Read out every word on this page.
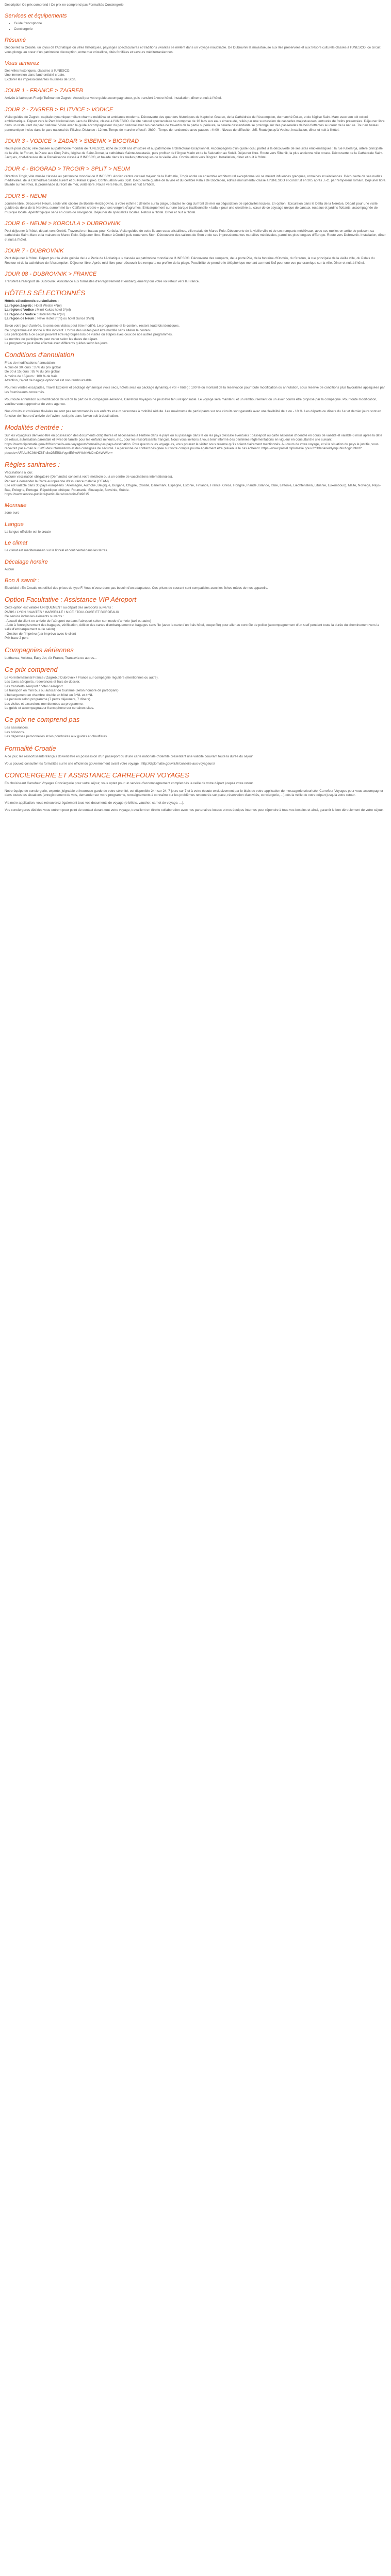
Description Ce prix comprend / Ce prix ne comprend pas Formalités Conciergerie
Services et équipements
• Guide francophone
• Conciergerie
Résumé
Découvrez la Croatie, un joyau de l'Adriatique où villes historiques, paysages spectaculaires et traditions vivantes se mêlent dans un voyage inoubliable. De Dubrovnik la majestueuse aux îles préservées et aux trésors culturels classés à l'UNESCO, ce circuit vous plonge au cœur d'un patrimoine d'exception, entre mer cristalline, cités fortifiées et saveurs méditerranéennes.
Vous aimerez
Des villes historiques, classées à l'UNESCO.
Une immersion dans l'authenticité croate.
Explorer les impressionnantes murailles de Ston.
JOUR 1 - FRANCE > ZAGREB
Arrivée à l'aéroport Franjo Tuđman de Zagreb. Accueil par votre guide accompagnateur, puis transfert à votre hôtel. Installation, dîner et nuit à l'hôtel.
JOUR 2 - ZAGREB > PLITVICE > VODICE
Visite guidée de Zagreb, capitale dynamique mêlant charme médiéval et ambiance moderne. Découverte des quartiers historiques de Kaptol et Gradec, de la Cathédrale de l'Assomption, du marché Dolac, et de l'église Saint-Marc avec son toit coloré emblématique. Départ vers le Parc National des Lacs de Plitvice, classé à l'UNESCO. Ce site naturel spectaculaire se compose de 16 lacs aux eaux émeraude, reliés par une succession de cascades majestueuses, entourés de forêts préservées. Déjeuner libre dans un restaurant du parc national. Visite avec le guide accompagnateur du parc national avec les cascades de travertin de la partie supérieure, la balade descendante se prolonge sur des passerelles de bois flottantes au cœur de la nature. Tour en bateau panoramique inclus dans le parc national de Plitvice. Distance : 12 km. Temps de marche effectif : 3h00 - Temps de randonnée avec pauses : 4h00 - Niveau de difficulté : 2/5. Route jusqu'à Vodice, installation, dîner et nuit à l'hôtel.
JOUR 3 - VODICE > ZADAR > SIBENIK > BIOGRAD
Route pour Zadar, ville classée au patrimoine mondial de l'UNESCO, riche de 3000 ans d'histoire et au patrimoine architectural exceptionnel. Accompagnés d'un guide local, partez à la découverte de ses sites emblématiques : la rue Kalelarga, artère principale de la ville, le Forum, la Place aux Cinq Puits, l'église de Saint-Donat, la cathédrale Sainte-Anastasie, puis profitez de l'Orgue Marin et de la Salutation au Soleil. Déjeuner libre. Route vers Šibenik, la plus ancienne ville croate. Découverte de la Cathédrale Saint-Jacques, chef-d'œuvre de la Renaissance classé à l'UNESCO, et balade dans les ruelles pittoresques de la vieille ville. Continuation vers Biograd. Installation, dîner et nuit à l'hôtel.
JOUR 4 - BIOGRAD > TROGIR > SPLIT > NEUM
Direction Trogir, ville musée classée au patrimoine mondial de l'UNESCO. Ancien centre culturel majeur de la Dalmatie, Trogir abrite un ensemble architectural exceptionnel où se mêlent influences grecques, romaines et vénitiennes. Découverte de ses ruelles médiévales, de la Cathédrale Saint-Laurent et du Palais Cipiko. Continuation vers Split. Découverte guidée de la ville et du célèbre Palais de Dioclétien, édifice monumental classé à l'UNESCO et construit en 305 après J.-C. par l'empereur romain. Déjeuner libre. Balade sur les Riva, la promenade du front de mer, visite libre. Route vers Neum. Dîner et nuit à l'hôtel.
JOUR 5 - NEUM
Journée libre. Découvrez Neum, seule ville côtière de Bosnie-Herzégovine, à votre rythme : détente sur la plage, balades le long du front de mer ou dégustation de spécialités locales. En option : Excursion dans le Delta de la Neretva. Départ pour une visite guidée du delta de la Neretva, surnommé la « Californie croate » pour ses vergers d'agrumes. Embarquement sur une barque traditionnelle « lađa » pour une croisière au cœur de ce paysage unique de canaux, roseaux et jardins flottants, accompagnée de musique locale. Apéritif typique servi en cours de navigation. Déjeuner de spécialités locales. Retour à l'hôtel. Dîner et nuit à l'hôtel.
JOUR 6 - NEUM > KORCULA > DUBROVNIK
Petit déjeuner à l'hôtel, départ vers Orebić. Traversée en bateau pour Korčula. Visite guidée de cette île aux eaux cristallines, ville natale de Marco Polo. Découverte de la vieille ville et de ses remparts médiévaux, avec ses ruelles en arête de poisson, sa cathédrale Saint-Marc et la maison de Marco Polo. Déjeuner libre. Retour à Orebić puis route vers Ston. Découverte des salines de Ston et de ses impressionnantes murailles médiévales, parmi les plus longues d'Europe. Route vers Dubrovnik. Installation, dîner et nuit à l'hôtel.
JOUR 7 - DUBROVNIK
Petit déjeuner à l'hôtel. Départ pour la visite guidée de la « Perle de l'Adriatique » classée au patrimoine mondial de l'UNESCO. Découverte des remparts, de la porte Pile, de la fontaine d'Onofrio, du Stradun, la rue principale de la vieille ville, du Palais du Recteur et de la cathédrale de l'Assomption. Déjeuner libre. Après-midi libre pour découvrir les remparts ou profiter de la plage. Possibilité de prendre le téléphérique menant au mont Srđ pour une vue panoramique sur la ville. Dîner et nuit à l'hôtel.
JOUR 08 - DUBROVNIK > FRANCE
Transfert à l'aéroport de Dubrovnik. Assistance aux formalités d'enregistrement et embarquement pour votre vol retour vers la France.
HÔTELS SÉLECTIONNÉS
Hôtels sélectionnés ou similaires :
La région Zagreb : Hotel Westin 4*(nl)
La région d'Vodice : Mirni Kukac hotel 3*(nl)
La région de Vodice : Hotel Punta 4*(nl)
La région de Neum : Neve Hotel 3*(nl) ou hotel Sunce 3*(nl)
Selon votre jour d'arrivée, le sens des visites peut être modifié. Le programme et le contenu restent toutefois identiques.
Ce programme est donné à titre indicatif. L'ordre des visites peut être modifié sans altérer le contenu.
Les participants à ce circuit peuvent être regroupés lors de visites ou étapes avec ceux de nos autres programmes.
Le nombre de participants peut varier selon les dates de départ.
La programme peut être effectué avec différents guides selon les jours.
Conditions d'annulation
Frais de modifications / annulation :
A plus de 30 jours : 35% du prix global
De 30 à 15 jours : 85 % du prix global
A moins de 15 jours : 100 % de frais
Attention, l'ajout de bagage optionnel est non remboursable.
Pour les ventes escapades, Travel Explorer et package dynamique (vols secs, hôtels secs ou package dynamique vol + hôtel) : 100 % du montant de la réservation pour toute modification ou annulation, sous réserve de conditions plus favorables appliquées par les fournisseurs concernés.
Pour toute annulation ou modification de vol de la part de la compagnie aérienne, Carrefour Voyages ne peut être tenu responsable. Le voyage sera maintenu et un remboursement ou un avoir pourra être proposé par la compagnie. Pour toute modification, veuillez vous rapprocher de votre agence.
Nos circuits et croisières fluviales ne sont pas recommandés aux enfants et aux personnes à mobilité réduite. Les maximums de participants sur nos circuits sont garantis avec une flexibilité de + ou - 10 %. Les départs ou dîners du 1er et dernier jours sont en fonction de l'heure d'arrivée de l'avion : soit pris dans l'avion soit à destination.
Modalités d'entrée :
Sur les voyageurs dérivent être en possession des documents obligatoires et nécessaires à l'entrée dans le pays ou au passage dans le ou les pays d'escale éventuels : passeport ou carte nationale d'identité en cours de validité et valable 6 mois après la date de retour, autorisation parentale et livret de famille pour les enfants mineurs, etc., pour les ressortissants français. Nous vous invitons à vous tenir informé des dernières réglementations en vigueur en consultant le site suivant : https://www.diplomatie.gouv.fr/fr/conseils-aux-voyageurs/conseils-par-pays-destination. Pour que tous les voyageurs, vous pourrez le visiter sous réserve qu'ils soient clairement mentionnés. Au cours de votre voyage, et si la situation du pays le justifie, vous recevrez par e-mail ou SMS des informations et des consignes de sécurité. La personne de contact désignée sur votre compte pourra également être prévenue le cas échéant. https://www.pastel.diplomatie.gouv.fr/fildariane/dyn/public/login.html?pbcode=AFAAd6C0MHZ8Tn3w2BEfSkYuynlEGwWYbNMkI2mD4WWA==
Règles sanitaires :
Vaccinations à jour.
Aucune vaccination obligatoire (Demandez conseil à votre médecin ou à un centre de vaccinations internationales).
Pensez à demander la Carte européenne d'assurance maladie (CEAM) :
Elle est valable dans 30 pays européens : Allemagne, Autriche, Belgique, Bulgarie, Chypre, Croatie, Danemark, Espagne, Estonie, Finlande, France, Grèce, Hongrie, Irlande, Islande, Italie, Lettonie, Liechtenstein, Lituanie, Luxembourg, Malte, Norvège, Pays-Bas, Pologne, Portugal, République tchèque, Roumanie, Slovaquie, Slovénie, Suède.
https://www.service-public.fr/particuliers/vosdroits/R49815
Monnaie
zone euro
Langue
La langue officielle est le croate
Le climat
Le climat est méditerranéen sur le littoral et continental dans les terres.
Décalage horaire
Aucun
Bon à savoir :
Electricité : En Croatie est utilisé des prises de type F. Vous n'avez donc pas besoin d'un adaptateur. Ces prises de courant sont compatibles avec les fiches mâles de nos appareils.
Option Facultative : Assistance VIP Aéroport
Cette option est valable UNIQUEMENT au départ des aéroports suivants :
PARIS / LYON / NANTES / MARSEILLE / NICE / TOULOUSE ET BORDEAUX
Ce service inclus les éléments suivants :
- Accueil du client en arrivée de l'aéroport ou dans l'aéroport selon son mode d'arrivée (taxi ou autre)
- Aide à l'enregistrement des bagages, vérification, édition des cartes d'embarquement et bagages sans file (avec la carte d'un frais hôtel, coupe file) pour aller au contrôle de police (accompagnement d'un staff pendant toute la durée du cheminement vers la salle d'embarquement ou le salon)
- Gestion de l'imprévu (par imprévu avec le client
Prix base 2 pers
Compagnies aériennes
Lufthansa, Volotea, Easy Jet, Air France, Transavia ou autres...
Ce prix comprend
Le vol international France / Zagreb // Dubrovnik / France sur compagnie régulière (mentionnés ou autre).
Les taxes aéroports, redevances et frais de dossier.
Les transferts aéroport / hôtel / aéroport.
Le transport en mini bus ou autocar de tourisme (selon nombre de participant)
L'hébergement en chambre double en hôtel en 3*NL et 4*NL
La pension selon programme (7 petits déjeuners, 7 dîners).
Les visites et excursions mentionnées au programme.
Le guide et accompagnateur francophone sur certaines sites.
Ce prix ne comprend pas
Les assurances.
Les boissons.
Les dépenses personnelles et les pourboires aux guides et chauffeurs.
Formalité Croatie
A ce jour, les ressortissants français doivent être en possession d'un passeport ou d'une carte nationale d'identité présentant une validité couvrant toute la durée du séjour.
Vous pouvez consulter les formalités sur le site officiel du gouvernement avant votre voyage : http://diplomatie.gouv.fr/fr/conseils-aux-voyageurs/
CONCIERGERIE ET ASSISTANCE CARREFOUR VOYAGES
En choisissant Carrefour Voyages Conciergerie pour votre séjour, vous optez pour un service d'accompagnement complet dès la veille de votre départ jusqu'à votre retour.
Notre équipe de conciergerie, experte, joignable et heureuse garde de votre sérénité, est disponible 24h sur 24, 7 jours sur 7 et à votre écoute exclusivement par le biais de votre application de messagerie sécurisée, Carrefour Voyages pour vous accompagner dans toutes les situations (enregistrement de vols, demander sur votre programme, renseignements à connaître sur les problèmes rencontrés sur place, réservation d'activités, conciergerie, ...) dès la veille de votre départ jusqu'à votre retour.
Via notre application, vous retrouverez également tous vos documents de voyage (e-billets, vaucher, carnet de voyage, ...).
Vos conciergeres dédiées vous entrent pour point de contact durant tout votre voyage, travaillent en étroite collaboration avec nos partenaires locaux et nos équipes internes pour répondre à tous vos besoins et ainsi, garantir le bon déroulement de votre séjour.
